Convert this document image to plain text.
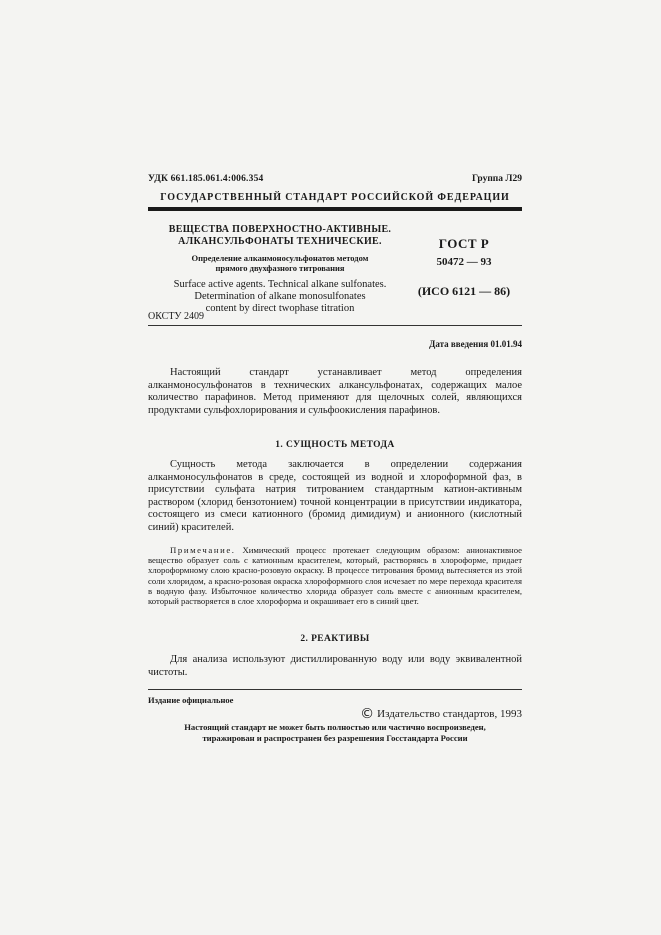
УДК 661.185.061.4:006.354	Группа Л29
ГОСУДАРСТВЕННЫЙ СТАНДАРТ РОССИЙСКОЙ ФЕДЕРАЦИИ
ВЕЩЕСТВА ПОВЕРХНОСТНО-АКТИВНЫЕ.
АЛКАНСУЛЬФОНАТЫ ТЕХНИЧЕСКИЕ.
Определение алканмоносульфонатов методом
прямого двухфазного титрования
Surface active agents. Technical alkane sulfonates.
Determination of alkane monosulfonates
content by direct twophase titration
ГОСТ Р
50472 — 93
(ИСО 6121 — 86)
ОКСТУ 2409
Дата введения 01.01.94

Настоящий стандарт устанавливает метод определения алканмоносульфонатов в технических алкансульфонатах, содержащих малое количество парафинов. Метод применяют для щелочных солей, являющихся продуктами сульфохлорирования и сульфоокисления парафинов.

1. СУЩНОСТЬ МЕТОДА

Сущность метода заключается в определении содержания алканмоносульфонатов в среде, состоящей из водной и хлороформной фаз, в присутствии сульфата натрия титрованием стандартным катион-активным раствором (хлорид бензотонием) точной концентрации в присутствии индикатора, состоящего из смеси катионного (бромид димидиум) и анионного (кислотный синий) красителей.

Примечание. Химический процесс протекает следующим образом: анионактивное вещество образует соль с катионным красителем, который, растворяясь в хлороформе, придает хлороформному слою красно-розовую окраску. В процессе титрования бромид вытесняется из этой соли хлоридом, а красно-розовая окраска хлороформного слоя исчезает по мере перехода красителя в водную фазу. Избыточное количество хлорида образует соль вместе с анионным красителем, который растворяется в слое хлороформа и окрашивает его в синий цвет.

2. РЕАКТИВЫ

Для анализа используют дистиллированную воду или воду эквивалентной чистоты.

Издание официальное
© Издательство стандартов, 1993
Настоящий стандарт не может быть полностью или частично воспроизведен,
тиражирован и распространен без разрешения Госстандарта России
